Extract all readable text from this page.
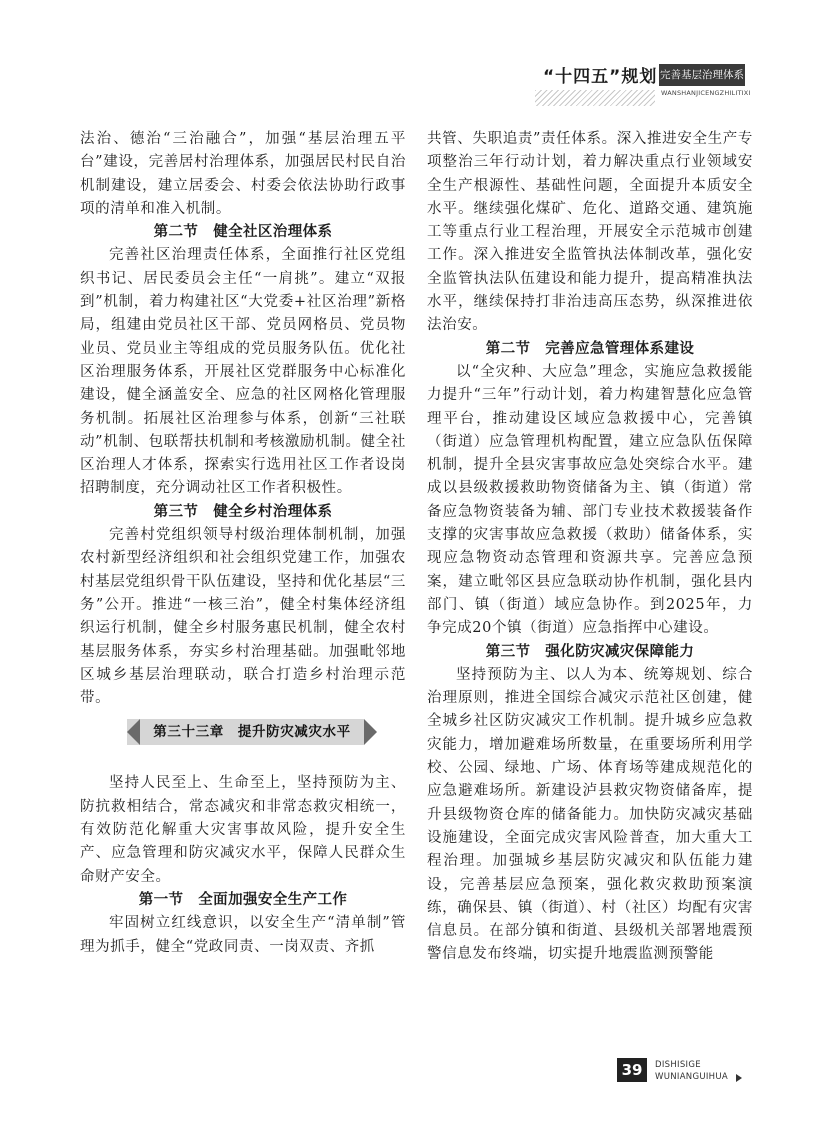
“十四五”规划 完善基层治理体系
WANSHANJICENGZHILITIXI

法治、德治“三治融合”，加强“基层治理五平台”建设，完善居村治理体系，加强居民村民自治机制建设，建立居委会、村委会依法协助行政事项的清单和准入机制。

第二节　健全社区治理体系

完善社区治理责任体系，全面推行社区党组织书记、居民委员会主任“一肩挑”。建立“双报到”机制，着力构建社区“大党委+社区治理”新格局，组建由党员社区干部、党员网格员、党员物业员、党员业主等组成的党员服务队伍。优化社区治理服务体系，开展社区党群服务中心标准化建设，健全涵盖安全、应急的社区网格化管理服务机制。拓展社区治理参与体系，创新“三社联动”机制、包联帮扶机制和考核激励机制。健全社区治理人才体系，探索实行选用社区工作者设岗招聘制度，充分调动社区工作者积极性。

第三节　健全乡村治理体系

完善村党组织领导村级治理体制机制，加强农村新型经济组织和社会组织党建工作，加强农村基层党组织骨干队伍建设，坚持和优化基层“三务”公开。推进“一核三治”，健全村集体经济组织运行机制，健全乡村服务惠民机制，健全农村基层服务体系，夯实乡村治理基础。加强毗邻地区城乡基层治理联动，联合打造乡村治理示范带。

第三十三章　提升防灾减灾水平

坚持人民至上、生命至上，坚持预防为主、防抗救相结合，常态减灾和非常态救灾相统一，有效防范化解重大灾害事故风险，提升安全生产、应急管理和防灾减灾水平，保障人民群众生命财产安全。

第一节　全面加强安全生产工作

牢固树立红线意识，以安全生产“清单制”管理为抓手，健全“党政同责、一岗双责、齐抓

共管、失职追责”责任体系。深入推进安全生产专项整治三年行动计划，着力解决重点行业领域安全生产根源性、基础性问题，全面提升本质安全水平。继续强化煤矿、危化、道路交通、建筑施工等重点行业工程治理，开展安全示范城市创建工作。深入推进安全监管执法体制改革，强化安全监管执法队伍建设和能力提升，提高精准执法水平，继续保持打非治违高压态势，纵深推进依法治安。

第二节　完善应急管理体系建设

以“全灾种、大应急”理念，实施应急救援能力提升“三年”行动计划，着力构建智慧化应急管理平台，推动建设区域应急救援中心，完善镇（街道）应急管理机构配置，建立应急队伍保障机制，提升全县灾害事故应急处突综合水平。建成以县级救援救助物资储备为主、镇（街道）常备应急物资装备为辅、部门专业技术救援装备作支撑的灾害事故应急救援（救助）储备体系，实现应急物资动态管理和资源共享。完善应急预案，建立毗邻区县应急联动协作机制，强化县内部门、镇（街道）域应急协作。到2025年，力争完成20个镇（街道）应急指挥中心建设。

第三节　强化防灾减灾保障能力

坚持预防为主、以人为本、统筹规划、综合治理原则，推进全国综合减灾示范社区创建，健全城乡社区防灾减灾工作机制。提升城乡应急救灾能力，增加避难场所数量，在重要场所利用学校、公园、绿地、广场、体育场等建成规范化的应急避难场所。新建设泸县救灾物资储备库，提升县级物资仓库的储备能力。加快防灾减灾基础设施建设，全面完成灾害风险普查，加大重大工程治理。加强城乡基层防灾减灾和队伍能力建设，完善基层应急预案，强化救灾救助预案演练，确保县、镇（街道）、村（社区）均配有灾害信息员。在部分镇和街道、县级机关部署地震预警信息发布终端，切实提升地震监测预警能

39	DISHISIGE
WUNIANGUIHUA
